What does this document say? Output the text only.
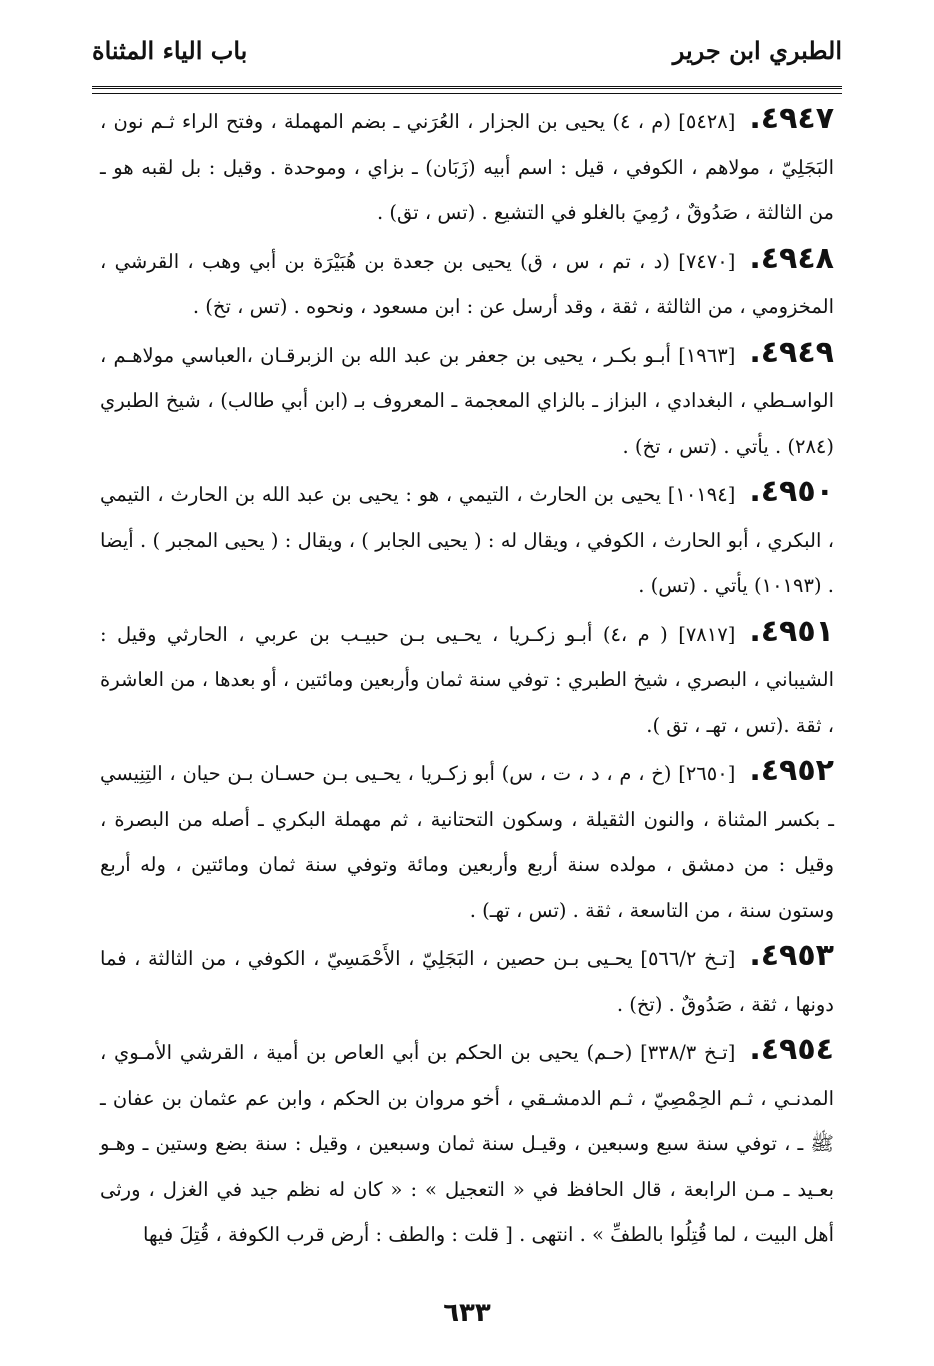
الطبري ابن جرير
باب الياء المثناة

٤٩٤٧.[٥٤٢٨] (م ، ٤) يحيى بن الجزار ، العُرَني ـ بضم المهملة ، وفتح الراء ثـم نون ، البَجَلِيّ ، مولاهم ، الكوفي ، قيل : اسم أبيه (زَبَان) ـ بزاي ، وموحدة . وقيل : بل لقبه هو ـ من الثالثة ، صَدُوقٌ ، رُمِيَ بالغلو في التشيع . (تس ، تق) .

٤٩٤٨.[٧٤٧٠] (د ، تم ، س ، ق) يحيى بن جعدة بن هُبَيْرَة بن أبي وهب ، القرشي ، المخزومي ، من الثالثة ، ثقة ، وقد أرسل عن : ابن مسعود ، ونحوه . (تس ، تخ) .

٤٩٤٩.[١٩٦٣] أبـو بكـر ، يحيى بن جعفر بن عبد الله بن الزبرقـان ،العباسي مولاهـم ، الواسـطي ، البغدادي ، البزاز ـ بالزاي المعجمة ـ المعروف بـ (ابن أبي طالب) ، شيخ الطبري (٢٨٤) . يأتي . (تس ، تخ) .

٤٩٥٠.[١٠١٩٤] يحيى بن الحارث ، التيمي ، هو : يحيى بن عبد الله بن الحارث ، التيمي ، البكري ، أبو الحارث ، الكوفي ، ويقال له : ( يحيى الجابر ) ، ويقال : ( يحيى المجبر ) . أيضا . (١٠١٩٣) يأتي . (تس) .

٤٩٥١.[٧٨١٧] ( م ،٤) أبـو زكـريا ، يحـيى بـن حبيـب بن عربي ، الحارثي وقيل : الشيباني ، البصري ، شيخ الطبري : توفي سنة ثمان وأربعين ومائتين ، أو بعدها ، من العاشرة ، ثقة .(تس ، تهـ ، تق ).

٤٩٥٢.[٢٦٥٠] (خ ، م ، د ، ت ، س) أبو زكـريا ، يحـيى بـن حسـان بـن حيان ، التِنِيسي ـ بكسر المثناة ، والنون الثقيلة ، وسكون التحتانية ، ثم مهملة البكري ـ أصله من البصرة ، وقيل : من دمشق ، مولده سنة أربع وأربعين ومائة وتوفي سنة ثمان ومائتين ، وله أربع وستون سنة ، من التاسعة ، ثقة . (تس ، تهـ) .

٤٩٥٣.[تـخ ٥٦٦/٢] يحـيى بـن حصين ، البَجَلِيّ ، الأَحْمَسِيّ ، الكوفي ، من الثالثة ، فما دونها ، ثقة ، صَدُوقٌ . (تخ) .

٤٩٥٤.[تـخ ٣٣٨/٣] (حـم) يحيى بن الحكم بن أبي العاص بن أمية ، القرشي الأمـوي ، المدنـي ، ثـم الحِمْصِيّ ، ثـم الدمشـقي ، أخو مروان بن الحكم ، وابن عم عثمان بن عفان ـ ﷺ ـ ، توفي سنة سبع وسبعين ، وقيـل سنة ثمان وسبعين ، وقيل : سنة بضع وستين ـ وهـو بعـيد ـ مـن الرابعة ، قال الحافظ في « التعجيل » : « كان له نظم جيد في الغزل ، ورثى أهل البيت ، لما قُتِلُوا بالطفِّ » . انتهى . [ قلت : والطف : أرض قرب الكوفة ، قُتِلَ فيها

٦٣٣
